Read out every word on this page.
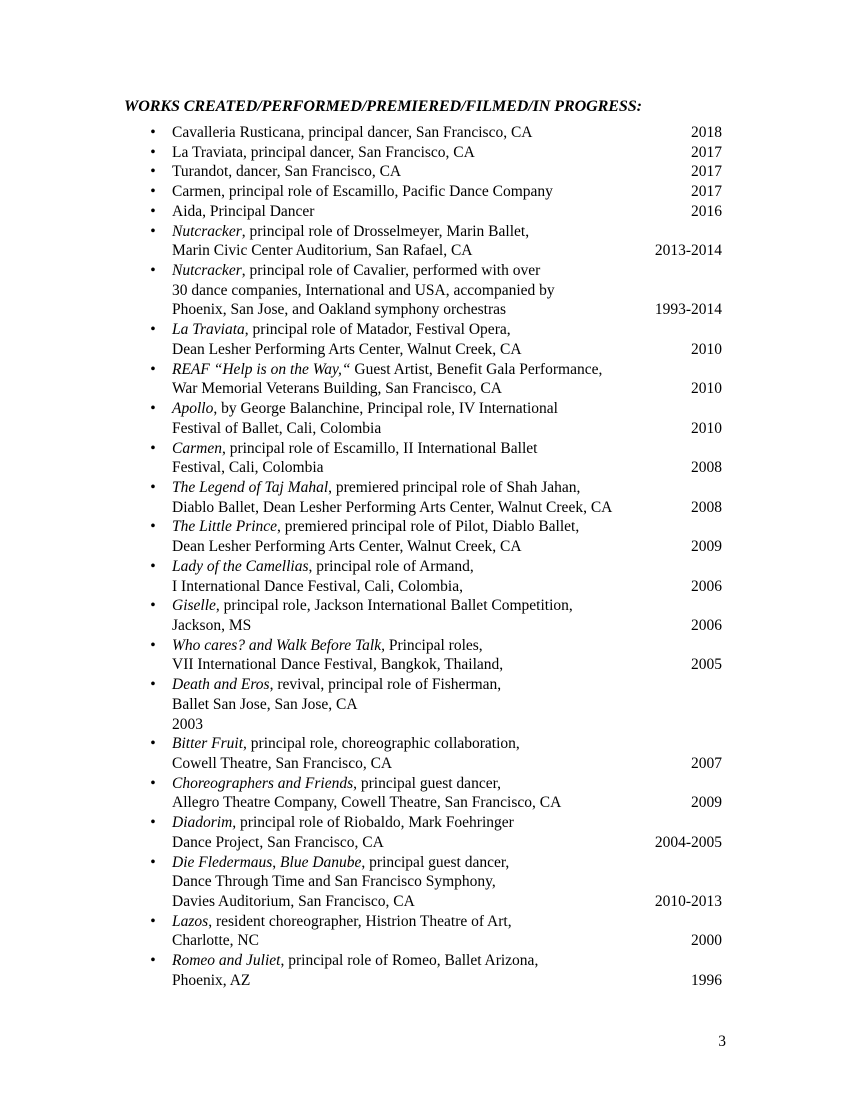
WORKS CREATED/PERFORMED/PREMIERED/FILMED/IN PROGRESS:
• Cavalleria Rusticana, principal dancer, San Francisco, CA	2018
• La Traviata, principal dancer, San Francisco, CA	2017
• Turandot, dancer, San Francisco, CA	2017
• Carmen, principal role of Escamillo, Pacific Dance Company	2017
• Aida, Principal Dancer	2016
• Nutcracker, principal role of Drosselmeyer, Marin Ballet,
Marin Civic Center Auditorium, San Rafael, CA	2013-2014
• Nutcracker, principal role of Cavalier, performed with over
30 dance companies, International and USA, accompanied by
Phoenix, San Jose, and Oakland symphony orchestras	1993-2014
• La Traviata, principal role of Matador, Festival Opera,
Dean Lesher Performing Arts Center, Walnut Creek, CA	2010
• REAF “Help is on the Way,“ Guest Artist, Benefit Gala Performance,
War Memorial Veterans Building, San Francisco, CA	2010
• Apollo, by George Balanchine, Principal role, IV International
Festival of Ballet, Cali, Colombia	2010
• Carmen, principal role of Escamillo, II International Ballet
Festival, Cali, Colombia	2008
• The Legend of Taj Mahal, premiered principal role of Shah Jahan,
Diablo Ballet, Dean Lesher Performing Arts Center, Walnut Creek, CA	2008
• The Little Prince, premiered principal role of Pilot, Diablo Ballet,
Dean Lesher Performing Arts Center, Walnut Creek, CA	2009
• Lady of the Camellias, principal role of Armand,
I International Dance Festival, Cali, Colombia,	2006
• Giselle, principal role, Jackson International Ballet Competition,
Jackson, MS	2006
• Who cares? and Walk Before Talk, Principal roles,
VII International Dance Festival, Bangkok, Thailand,	2005
• Death and Eros, revival, principal role of Fisherman,
Ballet San Jose, San Jose, CA
2003
• Bitter Fruit, principal role, choreographic collaboration,
Cowell Theatre, San Francisco, CA	2007
• Choreographers and Friends, principal guest dancer,
Allegro Theatre Company, Cowell Theatre, San Francisco, CA	2009
• Diadorim, principal role of Riobaldo, Mark Foehringer
Dance Project, San Francisco, CA	2004-2005
• Die Fledermaus, Blue Danube, principal guest dancer,
Dance Through Time and San Francisco Symphony,
Davies Auditorium, San Francisco, CA	2010-2013
• Lazos, resident choreographer, Histrion Theatre of Art,
Charlotte, NC	2000
• Romeo and Juliet, principal role of Romeo, Ballet Arizona,
Phoenix, AZ	1996
3
